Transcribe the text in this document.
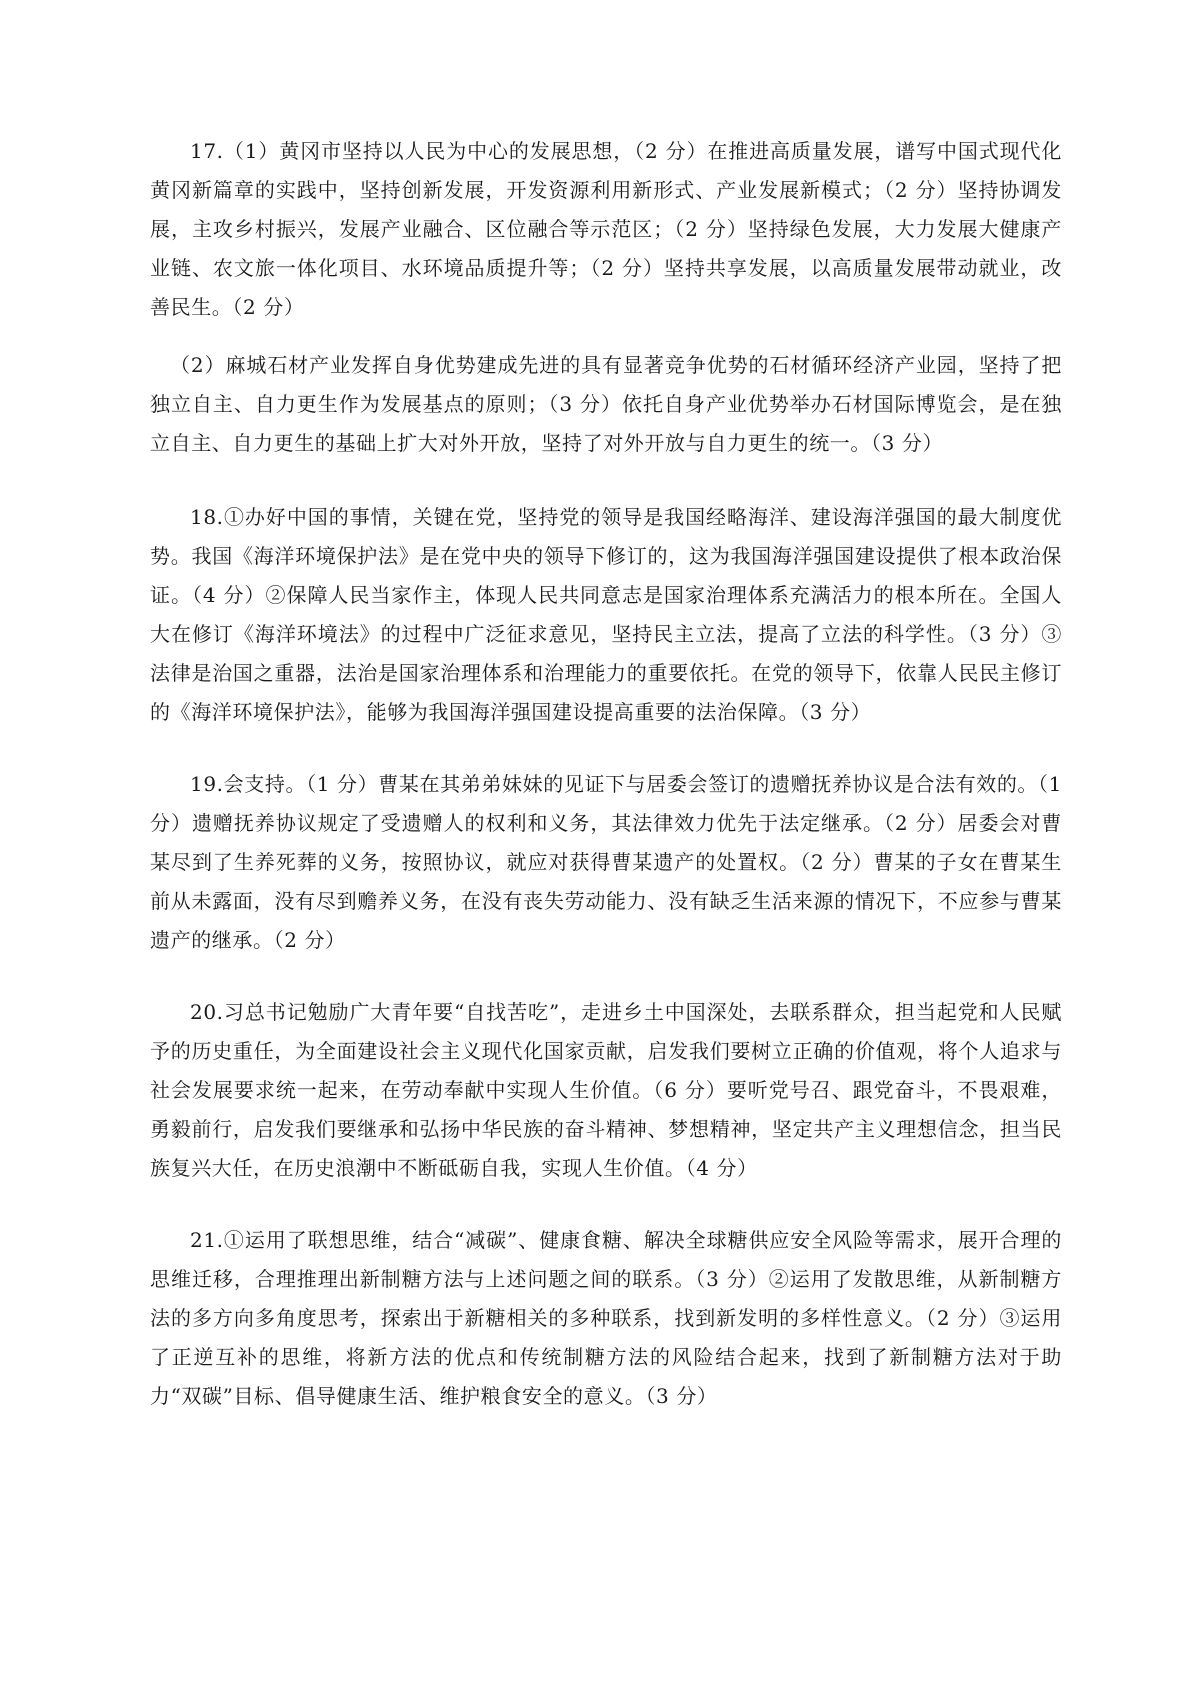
17.（1）黄冈市坚持以人民为中心的发展思想，（2 分）在推进高质量发展，谱写中国式现代化黄冈新篇章的实践中，坚持创新发展，开发资源利用新形式、产业发展新模式；（2 分）坚持协调发展，主攻乡村振兴，发展产业融合、区位融合等示范区；（2 分）坚持绿色发展，大力发展大健康产业链、农文旅一体化项目、水环境品质提升等；（2 分）坚持共享发展，以高质量发展带动就业，改善民生。（2 分）

（2）麻城石材产业发挥自身优势建成先进的具有显著竞争优势的石材循环经济产业园，坚持了把独立自主、自力更生作为发展基点的原则；（3 分）依托自身产业优势举办石材国际博览会，是在独立自主、自力更生的基础上扩大对外开放，坚持了对外开放与自力更生的统一。（3 分）

18.①办好中国的事情，关键在党，坚持党的领导是我国经略海洋、建设海洋强国的最大制度优势。我国《海洋环境保护法》是在党中央的领导下修订的，这为我国海洋强国建设提供了根本政治保证。（4 分）②保障人民当家作主，体现人民共同意志是国家治理体系充满活力的根本所在。全国人大在修订《海洋环境法》的过程中广泛征求意见，坚持民主立法，提高了立法的科学性。（3 分）③法律是治国之重器，法治是国家治理体系和治理能力的重要依托。在党的领导下，依靠人民民主修订的《海洋环境保护法》，能够为我国海洋强国建设提高重要的法治保障。（3 分）

19.会支持。（1 分）曹某在其弟弟妹妹的见证下与居委会签订的遗赠抚养协议是合法有效的。（1 分）遗赠抚养协议规定了受遗赠人的权利和义务，其法律效力优先于法定继承。（2 分）居委会对曹某尽到了生养死葬的义务，按照协议，就应对获得曹某遗产的处置权。（2 分）曹某的子女在曹某生前从未露面，没有尽到赡养义务，在没有丧失劳动能力、没有缺乏生活来源的情况下，不应参与曹某遗产的继承。（2 分）

20.习总书记勉励广大青年要“自找苦吃”，走进乡土中国深处，去联系群众，担当起党和人民赋予的历史重任，为全面建设社会主义现代化国家贡献，启发我们要树立正确的价值观，将个人追求与社会发展要求统一起来，在劳动奉献中实现人生价值。（6 分）要听党号召、跟党奋斗，不畏艰难，勇毅前行，启发我们要继承和弘扬中华民族的奋斗精神、梦想精神，坚定共产主义理想信念，担当民族复兴大任，在历史浪潮中不断砥砺自我，实现人生价值。（4 分）

21.①运用了联想思维，结合“减碳”、健康食糖、解决全球糖供应安全风险等需求，展开合理的思维迁移，合理推理出新制糖方法与上述问题之间的联系。（3 分）②运用了发散思维，从新制糖方法的多方向多角度思考，探索出于新糖相关的多种联系，找到新发明的多样性意义。（2 分）③运用了正逆互补的思维，将新方法的优点和传统制糖方法的风险结合起来，找到了新制糖方法对于助力“双碳”目标、倡导健康生活、维护粮食安全的意义。（3 分）
